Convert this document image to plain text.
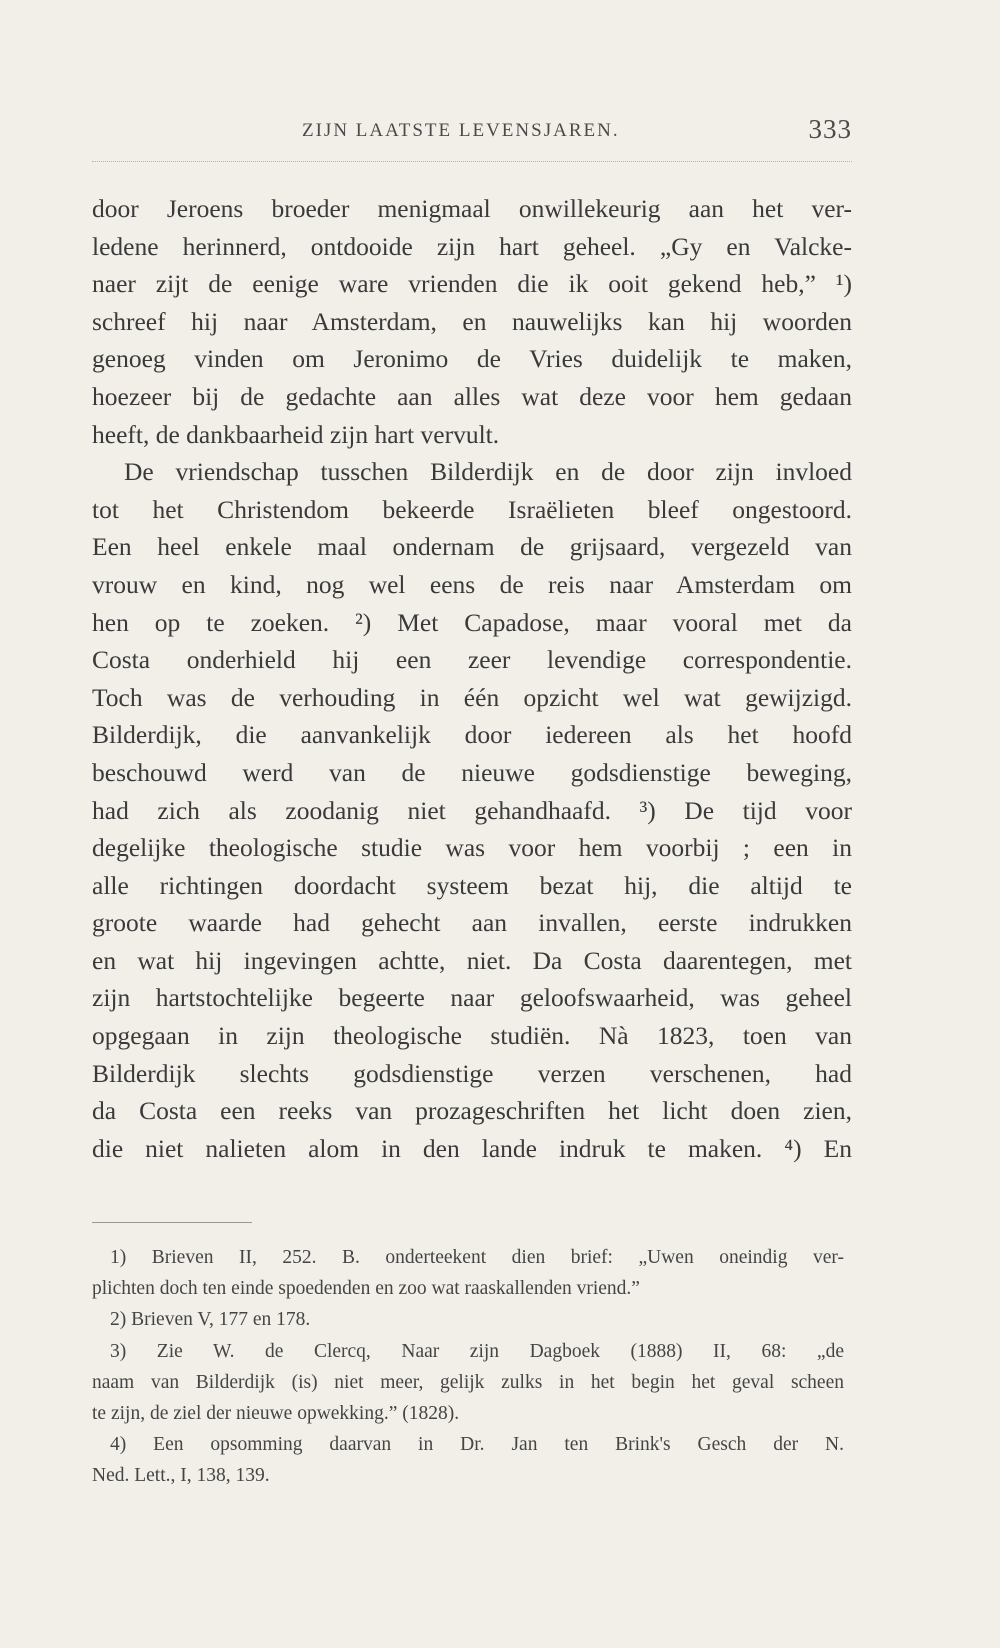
ZIJN LAATSTE LEVENSJAREN.	333
door Jeroens broeder menigmaal onwillekeurig aan het ver-
ledene herinnerd, ontdooide zijn hart geheel. „Gy en Valcke-
naer zijt de eenige ware vrienden die ik ooit gekend heb,” ¹)
schreef hij naar Amsterdam, en nauwelijks kan hij woorden
genoeg vinden om Jeronimo de Vries duidelijk te maken,
hoezeer bij de gedachte aan alles wat deze voor hem gedaan
heeft, de dankbaarheid zijn hart vervult.
De vriendschap tusschen Bilderdijk en de door zijn invloed
tot het Christendom bekeerde Israëlieten bleef ongestoord.
Een heel enkele maal ondernam de grijsaard, vergezeld van
vrouw en kind, nog wel eens de reis naar Amsterdam om
hen op te zoeken. ²) Met Capadose, maar vooral met da
Costa onderhield hij een zeer levendige correspondentie.
Toch was de verhouding in één opzicht wel wat gewijzigd.
Bilderdijk, die aanvankelijk door iedereen als het hoofd
beschouwd werd van de nieuwe godsdienstige beweging,
had zich als zoodanig niet gehandhaafd. ³) De tijd voor
degelijke theologische studie was voor hem voorbij ; een in
alle richtingen doordacht systeem bezat hij, die altijd te
groote waarde had gehecht aan invallen, eerste indrukken
en wat hij ingevingen achtte, niet. Da Costa daarentegen, met
zijn hartstochtelijke begeerte naar geloofswaarheid, was geheel
opgegaan in zijn theologische studiën. Nà 1823, toen van
Bilderdijk slechts godsdienstige verzen verschenen, had
da Costa een reeks van prozageschriften het licht doen zien,
die niet nalieten alom in den lande indruk te maken. ⁴) En
1) Brieven II, 252. B. onderteekent dien brief: „Uwen oneindig ver-
plichten doch ten einde spoedenden en zoo wat raaskallenden vriend.”
2) Brieven V, 177 en 178.
3) Zie W. de Clercq, Naar zijn Dagboek (1888) II, 68: „de
naam van Bilderdijk (is) niet meer, gelijk zulks in het begin het geval scheen
te zijn, de ziel der nieuwe opwekking.” (1828).
4) Een opsomming daarvan in Dr. Jan ten Brink's Gesch der N.
Ned. Lett., I, 138, 139.
